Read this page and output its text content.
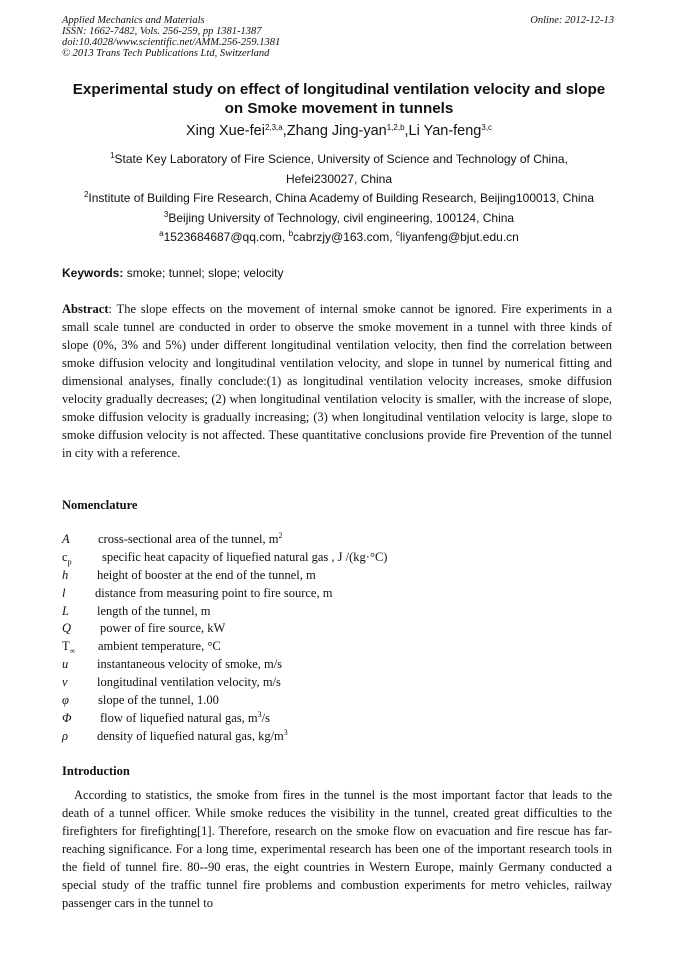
Applied Mechanics and Materials
ISSN: 1662-7482, Vols. 256-259, pp 1381-1387
doi:10.4028/www.scientific.net/AMM.256-259.1381
© 2013 Trans Tech Publications Ltd, Switzerland
Online: 2012-12-13
Experimental study on effect of longitudinal ventilation velocity and slope on Smoke movement in tunnels
Xing Xue-fei$^{2,3,a}$,Zhang Jing-yan$^{1,2,b}$,Li Yan-feng$^{3,c}$
$^1$State Key Laboratory of Fire Science, University of Science and Technology of China, Hefei230027, China
$^2$Institute of Building Fire Research, China Academy of Building Research, Beijing100013, China
$^3$Beijing University of Technology, civil engineering, 100124, China
$^a$1523684687@qq.com, $^b$cabrzjy@163.com, $^c$liyanfeng@bjut.edu.cn
Keywords: smoke; tunnel; slope; velocity
Abstract: The slope effects on the movement of internal smoke cannot be ignored. Fire experiments in a small scale tunnel are conducted in order to observe the smoke movement in a tunnel with three kinds of slope (0%, 3% and 5%) under different longitudinal ventilation velocity, then find the correlation between smoke diffusion velocity and longitudinal ventilation velocity, and slope in tunnel by numerical fitting and dimensional analyses, finally conclude:(1) as longitudinal ventilation velocity increases, smoke diffusion velocity gradually decreases; (2) when longitudinal ventilation velocity is smaller, with the increase of slope, smoke diffusion velocity is gradually increasing; (3) when longitudinal ventilation velocity is large, slope to smoke diffusion velocity is not affected. These quantitative conclusions provide fire Prevention of the tunnel in city with a reference.
Nomenclature
A cross-sectional area of the tunnel, $m^2$
$c_p$ specific heat capacity of liquefied natural gas , J /(kg·°C)
h height of booster at the end of the tunnel, m
l distance from measuring point to fire source, m
L length of the tunnel, m
Q power of fire source, kW
$T_\infty$ ambient temperature, °C
u instantaneous velocity of smoke, m/s
v longitudinal ventilation velocity, m/s
φ slope of the tunnel, 1.00
Φ flow of liquefied natural gas, $m^3/s$
ρ density of liquefied natural gas, $kg/m^3$
Introduction
According to statistics, the smoke from fires in the tunnel is the most important factor that leads to the death of a tunnel officer. While smoke reduces the visibility in the tunnel, created great difficulties to the firefighters for firefighting[1]. Therefore, research on the smoke flow on evacuation and fire rescue has far-reaching significance. For a long time, experimental research has been one of the important research tools in the field of tunnel fire. 80--90 eras, the eight countries in Western Europe, mainly Germany conducted a special study of the traffic tunnel fire problems and combustion experiments for metro vehicles, railway passenger cars in the tunnel to
